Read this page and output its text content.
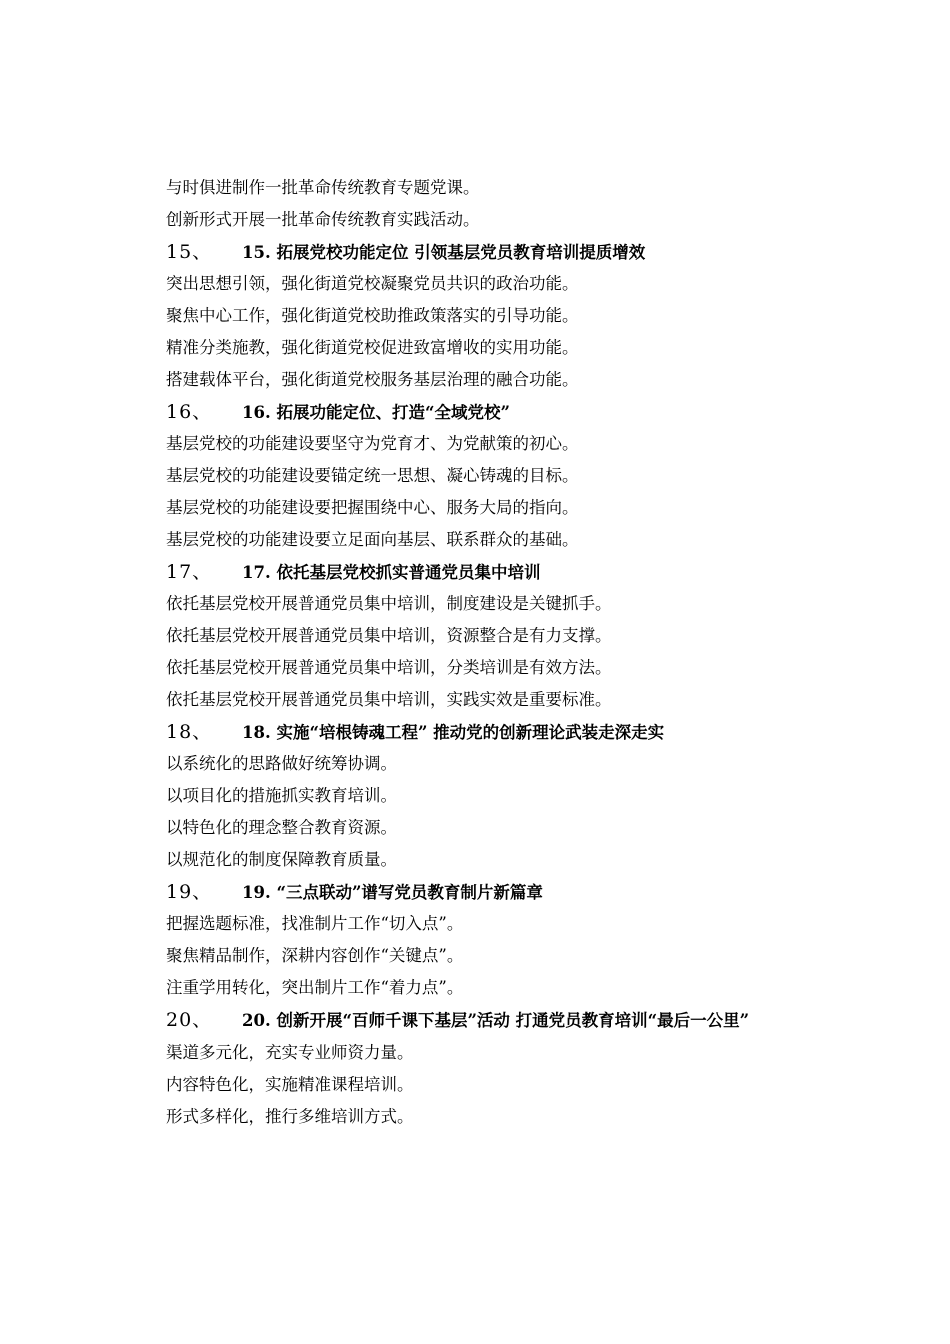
与时俱进制作一批革命传统教育专题党课。
创新形式开展一批革命传统教育实践活动。
15、 15. 拓展党校功能定位 引领基层党员教育培训提质增效
突出思想引领，强化街道党校凝聚党员共识的政治功能。
聚焦中心工作，强化街道党校助推政策落实的引导功能。
精准分类施教，强化街道党校促进致富增收的实用功能。
搭建载体平台，强化街道党校服务基层治理的融合功能。
16、 16. 拓展功能定位、打造“全域党校”
基层党校的功能建设要坚守为党育才、为党献策的初心。
基层党校的功能建设要锚定统一思想、凝心铸魂的目标。
基层党校的功能建设要把握围绕中心、服务大局的指向。
基层党校的功能建设要立足面向基层、联系群众的基础。
17、 17. 依托基层党校抓实普通党员集中培训
依托基层党校开展普通党员集中培训，制度建设是关键抓手。
依托基层党校开展普通党员集中培训，资源整合是有力支撑。
依托基层党校开展普通党员集中培训，分类培训是有效方法。
依托基层党校开展普通党员集中培训，实践实效是重要标准。
18、 18. 实施“培根铸魂工程” 推动党的创新理论武装走深走实
以系统化的思路做好统筹协调。
以项目化的措施抓实教育培训。
以特色化的理念整合教育资源。
以规范化的制度保障教育质量。
19、 19. “三点联动”谱写党员教育制片新篇章
把握选题标准，找准制片工作“切入点”。
聚焦精品制作，深耕内容创作“关键点”。
注重学用转化，突出制片工作“着力点”。
20、 20. 创新开展“百师千课下基层”活动 打通党员教育培训“最后一公里”
渠道多元化，充实专业师资力量。
内容特色化，实施精准课程培训。
形式多样化，推行多维培训方式。
